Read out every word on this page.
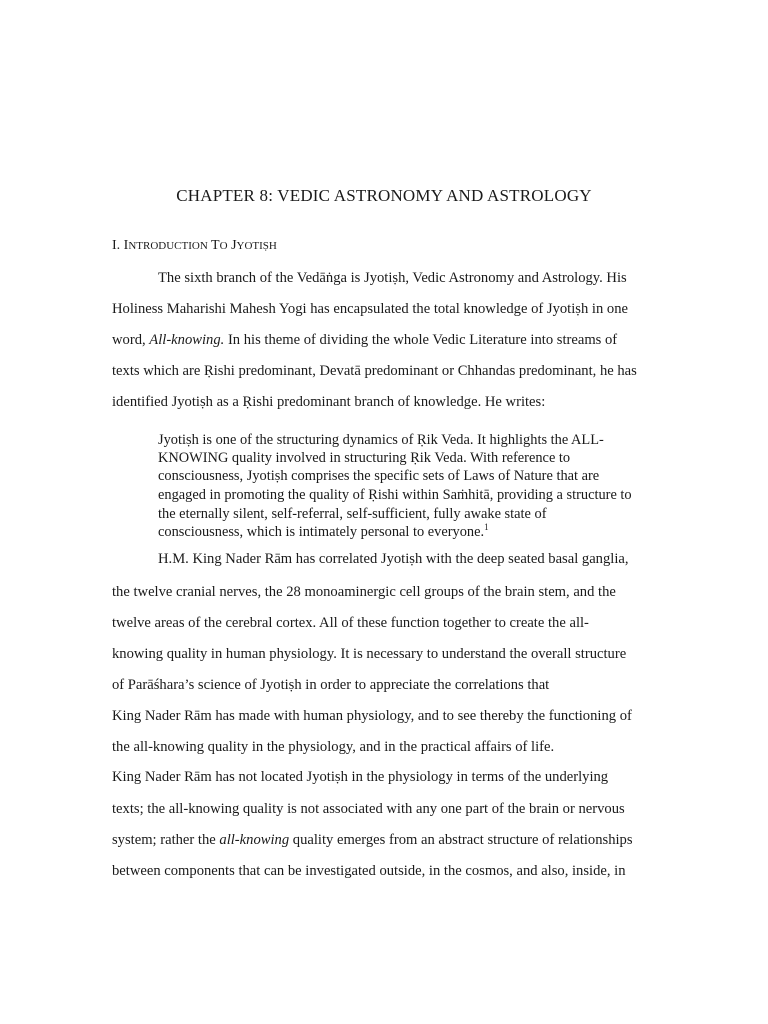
CHAPTER 8: VEDIC ASTRONOMY AND ASTROLOGY
I. INTRODUCTION TO JYOTIṢH
The sixth branch of the Vedāṅga is Jyotiṣh, Vedic Astronomy and Astrology. His
Holiness Maharishi Mahesh Yogi has encapsulated the total knowledge of Jyotiṣh in one
word, All-knowing. In his theme of dividing the whole Vedic Literature into streams of
texts which are Ṛishi predominant, Devatā predominant or Chhandas predominant, he has
identified Jyotiṣh as a Ṛishi predominant branch of knowledge. He writes:
Jyotiṣh is one of the structuring dynamics of Ṛik Veda. It highlights the ALL-
KNOWING quality involved in structuring Ṛik Veda. With reference to
consciousness, Jyotiṣh comprises the specific sets of Laws of Nature that are
engaged in promoting the quality of Ṛishi within Saṁhitā, providing a structure to
the eternally silent, self-referral, self-sufficient, fully awake state of
consciousness, which is intimately personal to everyone.$^1$
H.M. King Nader Rām has correlated Jyotiṣh with the deep seated basal ganglia,
the twelve cranial nerves, the 28 monoaminergic cell groups of the brain stem, and the
twelve areas of the cerebral cortex. All of these function together to create the all-
knowing quality in human physiology. It is necessary to understand the overall structure
of Parāśhara’s science of Jyotiṣh in order to appreciate the correlations that
King Nader Rām has made with human physiology, and to see thereby the functioning of
the all-knowing quality in the physiology, and in the practical affairs of life.
King Nader Rām has not located Jyotiṣh in the physiology in terms of the underlying
texts; the all-knowing quality is not associated with any one part of the brain or nervous
system; rather the all-knowing quality emerges from an abstract structure of relationships
between components that can be investigated outside, in the cosmos, and also, inside, in
